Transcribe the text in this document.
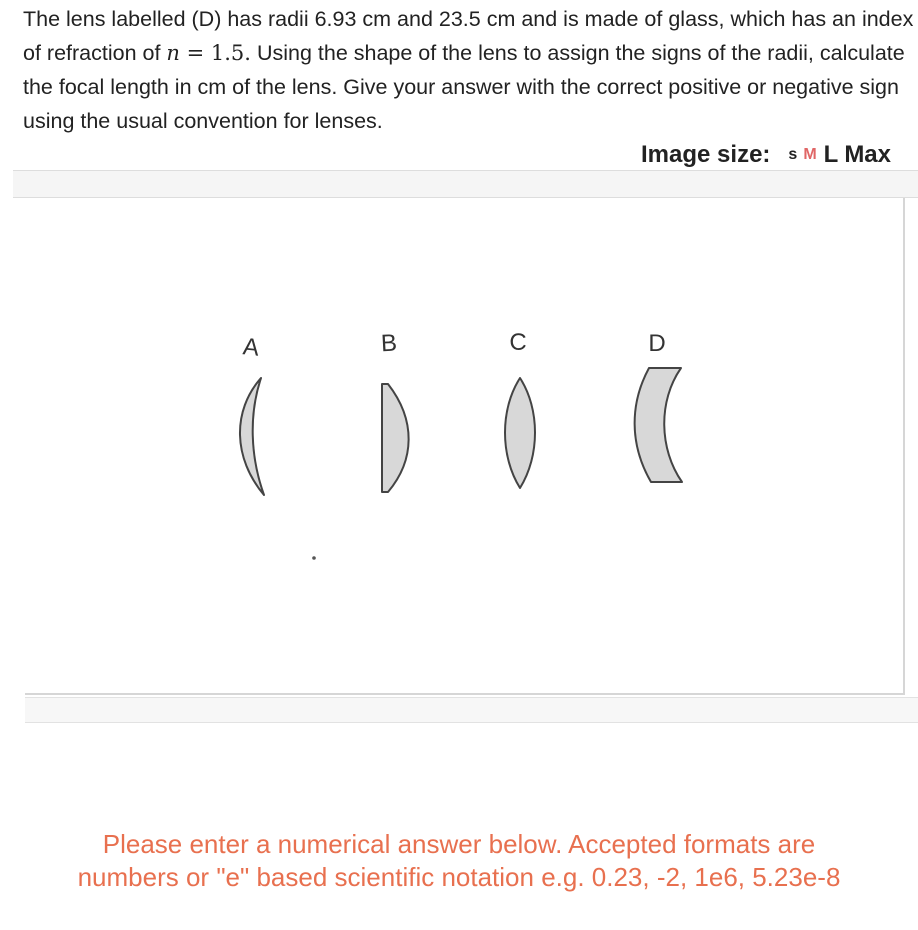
The lens labelled (D) has radii 6.93 cm and 23.5 cm and is made of glass, which has an index of refraction of n = 1.5. Using the shape of the lens to assign the signs of the radii, calculate the focal length in cm of the lens. Give your answer with the correct positive or negative sign using the usual convention for lenses.
Image size: s M L Max
A	B	C	D
Please enter a numerical answer below. Accepted formats are
numbers or "e" based scientific notation e.g. 0.23, -2, 1e6, 5.23e-8
